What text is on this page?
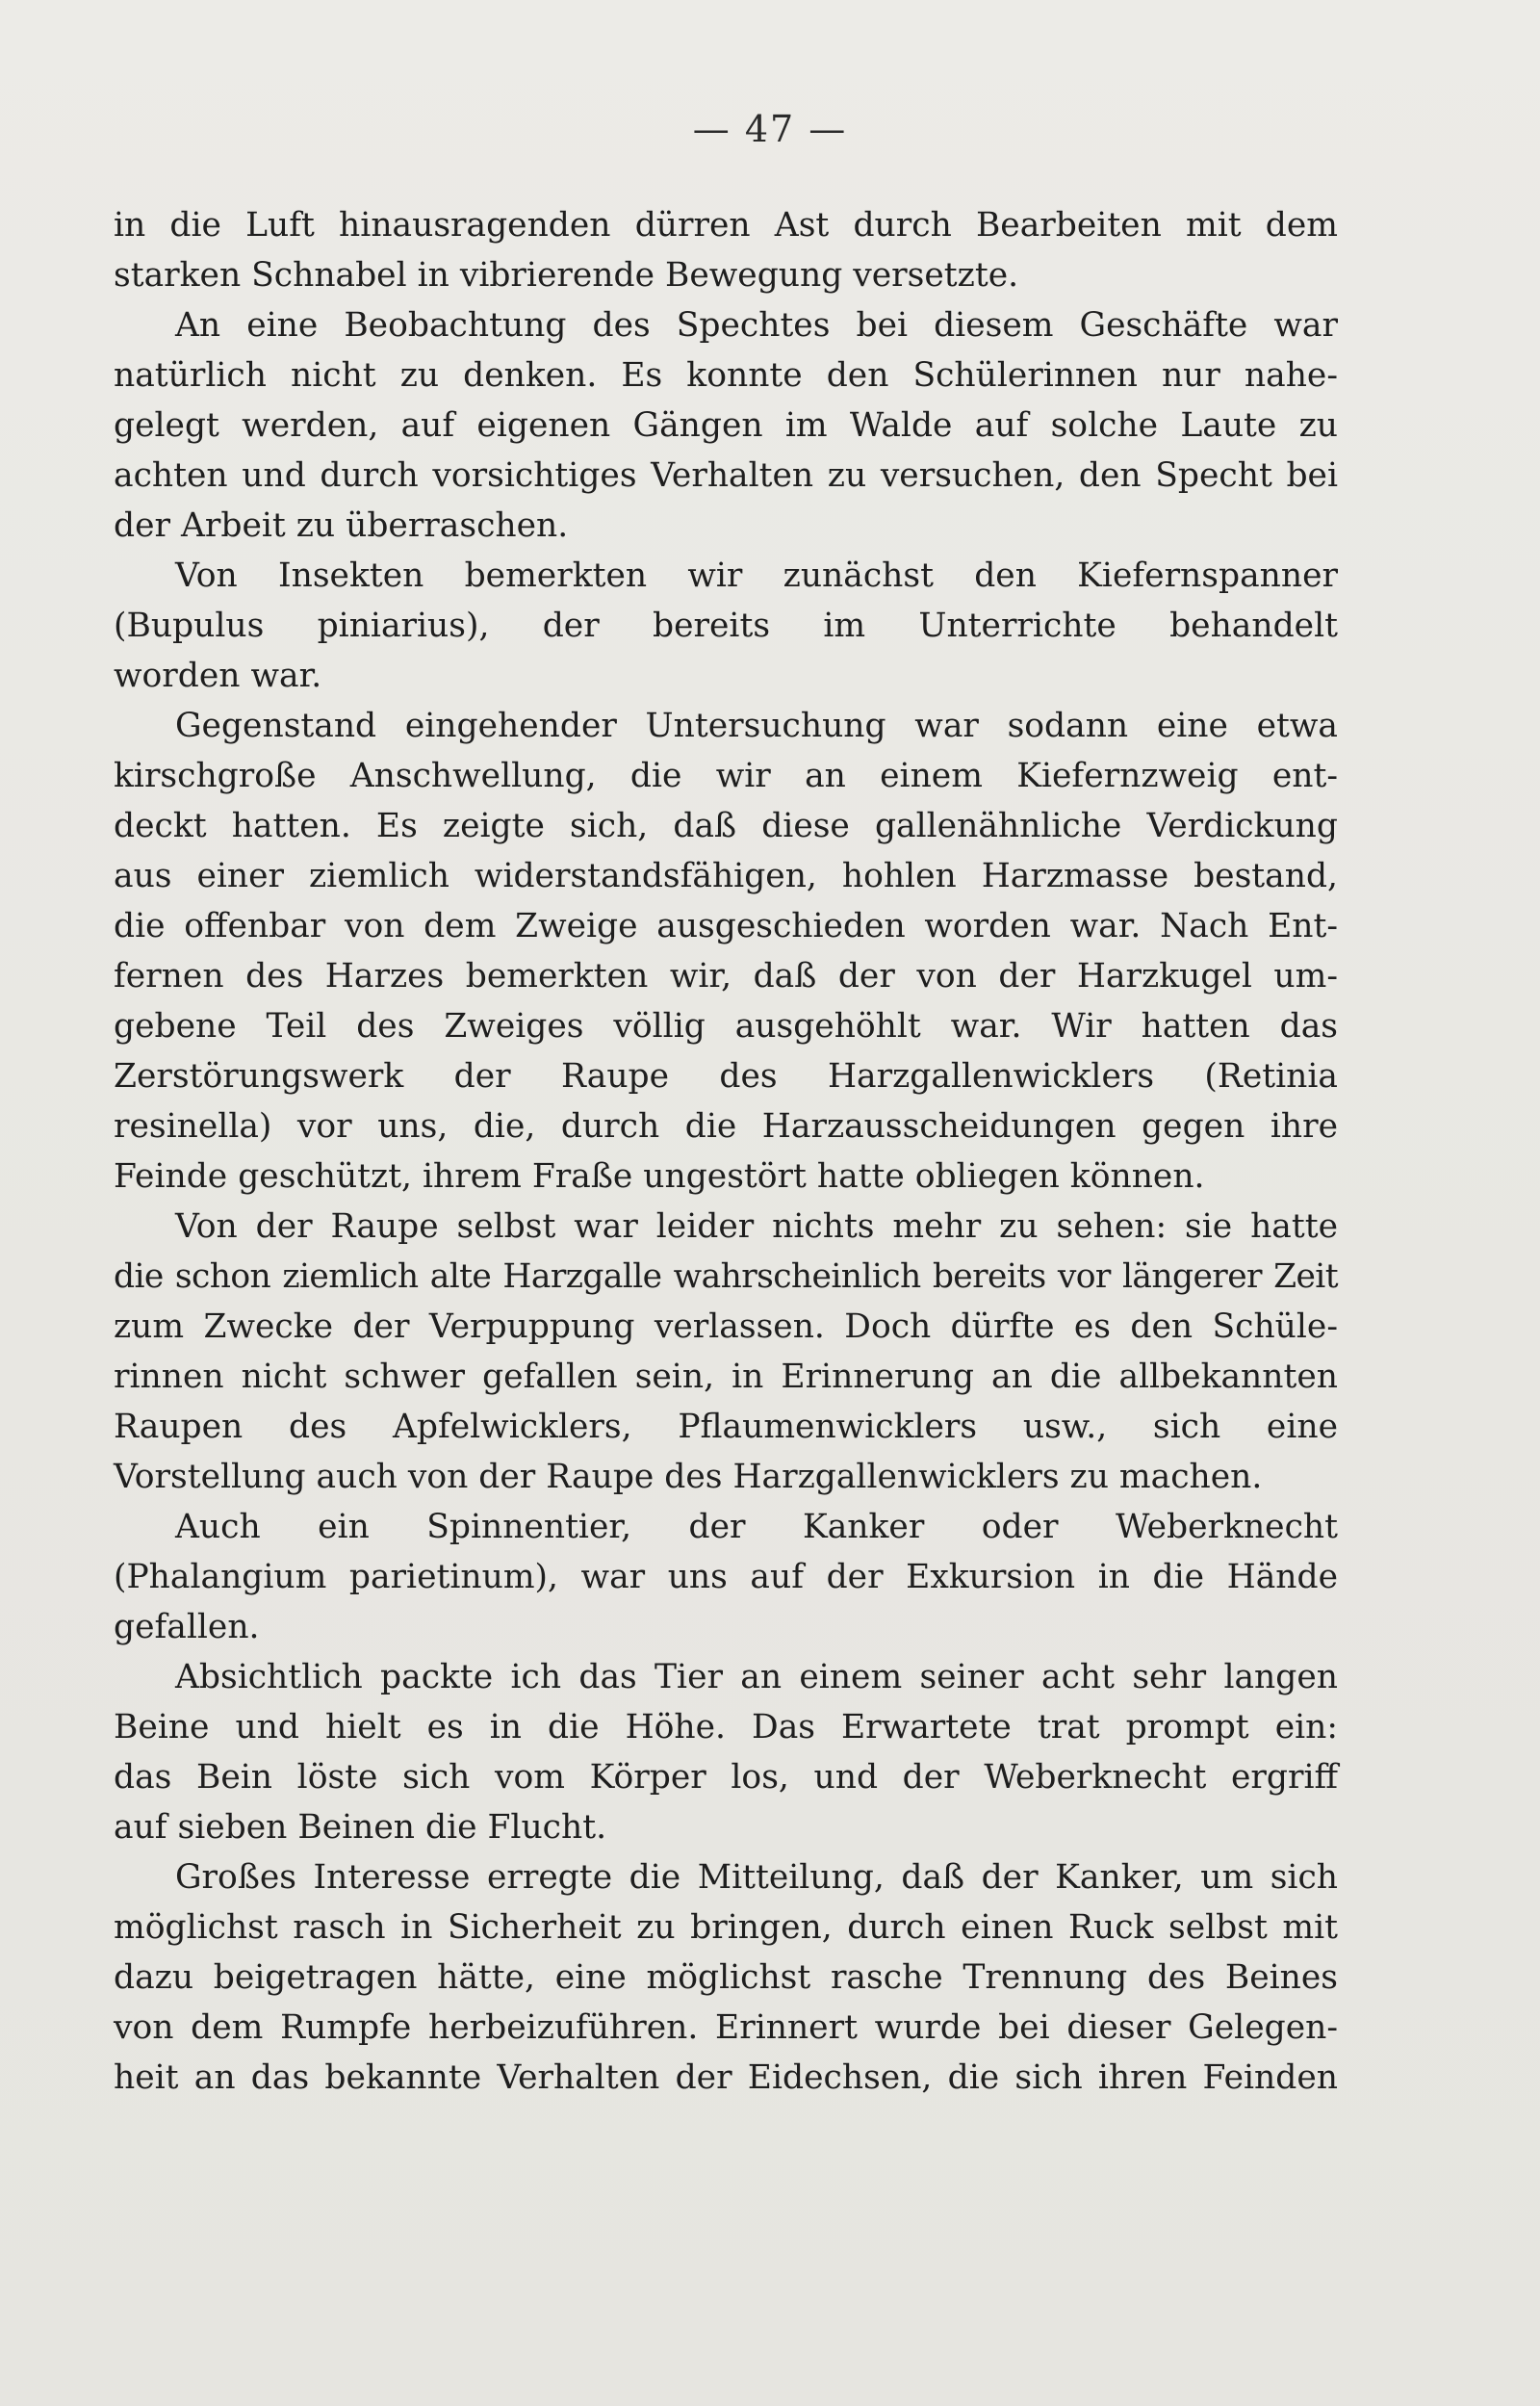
— 47 —
in die Luft hinausragenden dürren Ast durch Bearbeiten mit dem
starken Schnabel in vibrierende Bewegung versetzte.
An eine Beobachtung des Spechtes bei diesem Geschäfte war
natürlich nicht zu denken. Es konnte den Schülerinnen nur nahe-
gelegt werden, auf eigenen Gängen im Walde auf solche Laute zu
achten und durch vorsichtiges Verhalten zu versuchen, den Specht bei
der Arbeit zu überraschen.
Von Insekten bemerkten wir zunächst den Kiefernspanner
(Bupulus piniarius), der bereits im Unterrichte behandelt
worden war.
Gegenstand eingehender Untersuchung war sodann eine etwa
kirschgroße Anschwellung, die wir an einem Kiefernzweig ent-
deckt hatten. Es zeigte sich, daß diese gallenähnliche Verdickung
aus einer ziemlich widerstandsfähigen, hohlen Harzmasse bestand,
die offenbar von dem Zweige ausgeschieden worden war. Nach Ent-
fernen des Harzes bemerkten wir, daß der von der Harzkugel um-
gebene Teil des Zweiges völlig ausgehöhlt war. Wir hatten das
Zerstörungswerk der Raupe des Harzgallenwicklers (Retinia
resinella) vor uns, die, durch die Harzausscheidungen gegen ihre
Feinde geschützt, ihrem Fraße ungestört hatte obliegen können.
Von der Raupe selbst war leider nichts mehr zu sehen: sie hatte
die schon ziemlich alte Harzgalle wahrscheinlich bereits vor längerer Zeit
zum Zwecke der Verpuppung verlassen. Doch dürfte es den Schüle-
rinnen nicht schwer gefallen sein, in Erinnerung an die allbekannten
Raupen des Apfelwicklers, Pflaumenwicklers usw., sich eine
Vorstellung auch von der Raupe des Harzgallenwicklers zu machen.
Auch ein Spinnentier, der Kanker oder Weberknecht
(Phalangium parietinum), war uns auf der Exkursion in die Hände
gefallen.
Absichtlich packte ich das Tier an einem seiner acht sehr langen
Beine und hielt es in die Höhe. Das Erwartete trat prompt ein:
das Bein löste sich vom Körper los, und der Weberknecht ergriff
auf sieben Beinen die Flucht.
Großes Interesse erregte die Mitteilung, daß der Kanker, um sich
möglichst rasch in Sicherheit zu bringen, durch einen Ruck selbst mit
dazu beigetragen hätte, eine möglichst rasche Trennung des Beines
von dem Rumpfe herbeizuführen. Erinnert wurde bei dieser Gelegen-
heit an das bekannte Verhalten der Eidechsen, die sich ihren Feinden
